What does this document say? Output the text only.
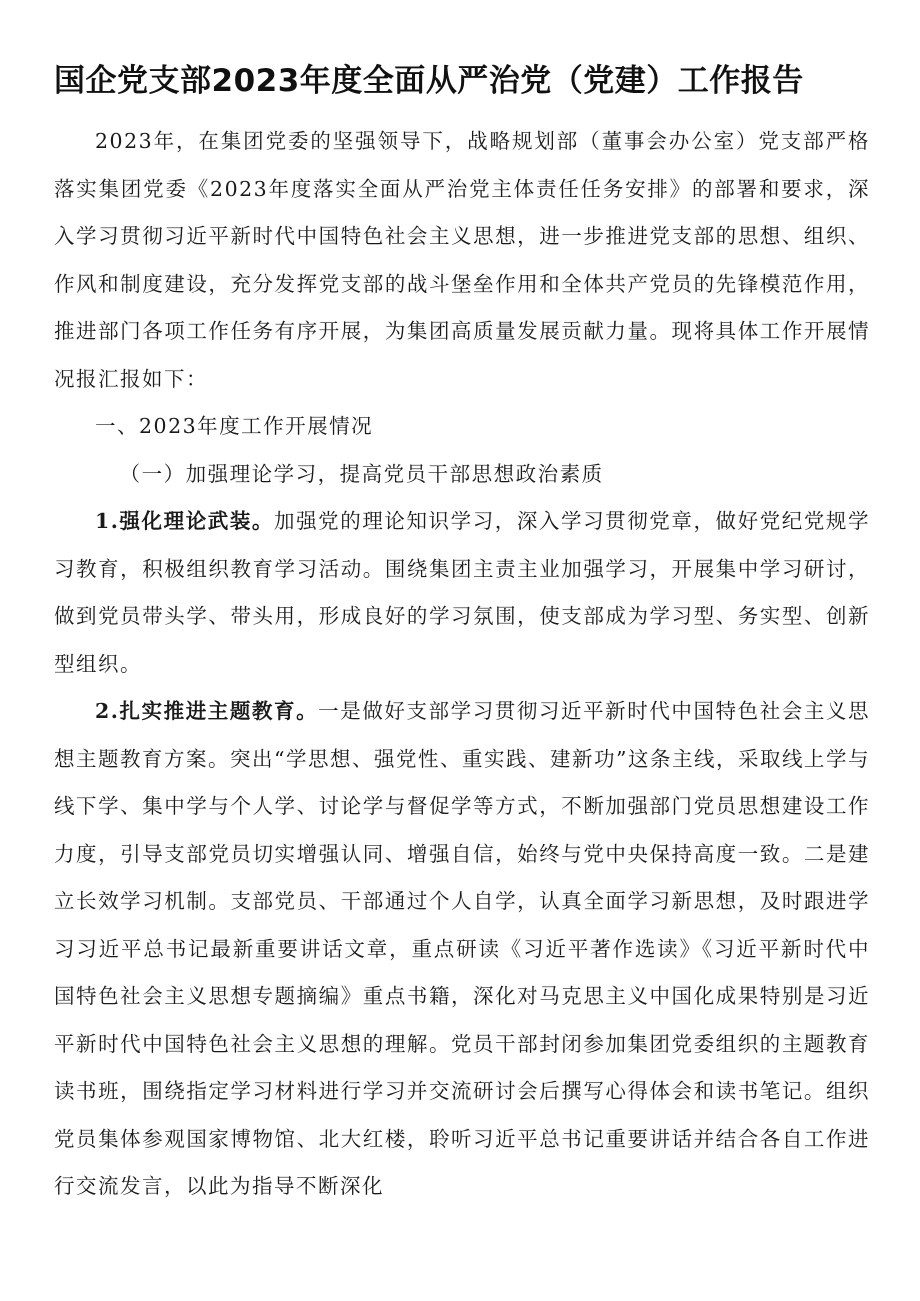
国企党支部2023年度全面从严治党（党建）工作报告

2023年，在集团党委的坚强领导下，战略规划部（董事会办公室）党支部严格落实集团党委《2023年度落实全面从严治党主体责任任务安排》的部署和要求，深入学习贯彻习近平新时代中国特色社会主义思想，进一步推进党支部的思想、组织、作风和制度建设，充分发挥党支部的战斗堡垒作用和全体共产党员的先锋模范作用，推进部门各项工作任务有序开展，为集团高质量发展贡献力量。现将具体工作开展情况报汇报如下：

一、2023年度工作开展情况

（一）加强理论学习，提高党员干部思想政治素质

1.强化理论武装。加强党的理论知识学习，深入学习贯彻党章，做好党纪党规学习教育，积极组织教育学习活动。围绕集团主责主业加强学习，开展集中学习研讨，做到党员带头学、带头用，形成良好的学习氛围，使支部成为学习型、务实型、创新型组织。

2.扎实推进主题教育。一是做好支部学习贯彻习近平新时代中国特色社会主义思想主题教育方案。突出“学思想、强党性、重实践、建新功”这条主线，采取线上学与线下学、集中学与个人学、讨论学与督促学等方式，不断加强部门党员思想建设工作力度，引导支部党员切实增强认同、增强自信，始终与党中央保持高度一致。二是建立长效学习机制。支部党员、干部通过个人自学，认真全面学习新思想，及时跟进学习习近平总书记最新重要讲话文章，重点研读《习近平著作选读》《习近平新时代中国特色社会主义思想专题摘编》重点书籍，深化对马克思主义中国化成果特别是习近平新时代中国特色社会主义思想的理解。党员干部封闭参加集团党委组织的主题教育读书班，围绕指定学习材料进行学习并交流研讨会后撰写心得体会和读书笔记。组织党员集体参观国家博物馆、北大红楼，聆听习近平总书记重要讲话并结合各自工作进行交流发言，以此为指导不断深化
